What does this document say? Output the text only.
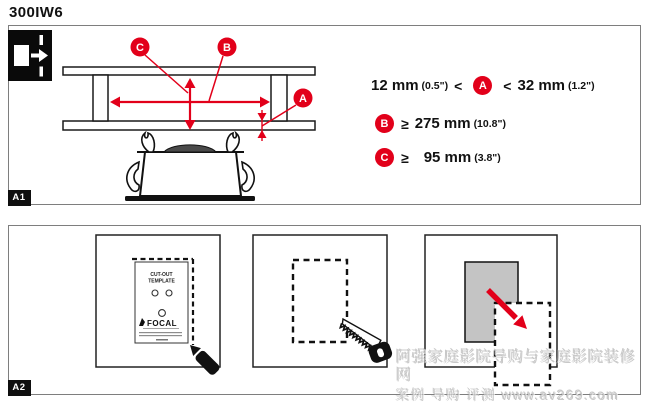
300IW6
C	B
A
12 mm (0.5") <	A	< 32 mm (1.2")
B ≥ 275 mm (10.8")
C ≥	95 mm (3.8")
A1
CUT-OUT
TEMPLATE
FOCAL
A2
阿强家庭影院导购与家庭影院装修网
案例 导购 评测 www.av269.com
